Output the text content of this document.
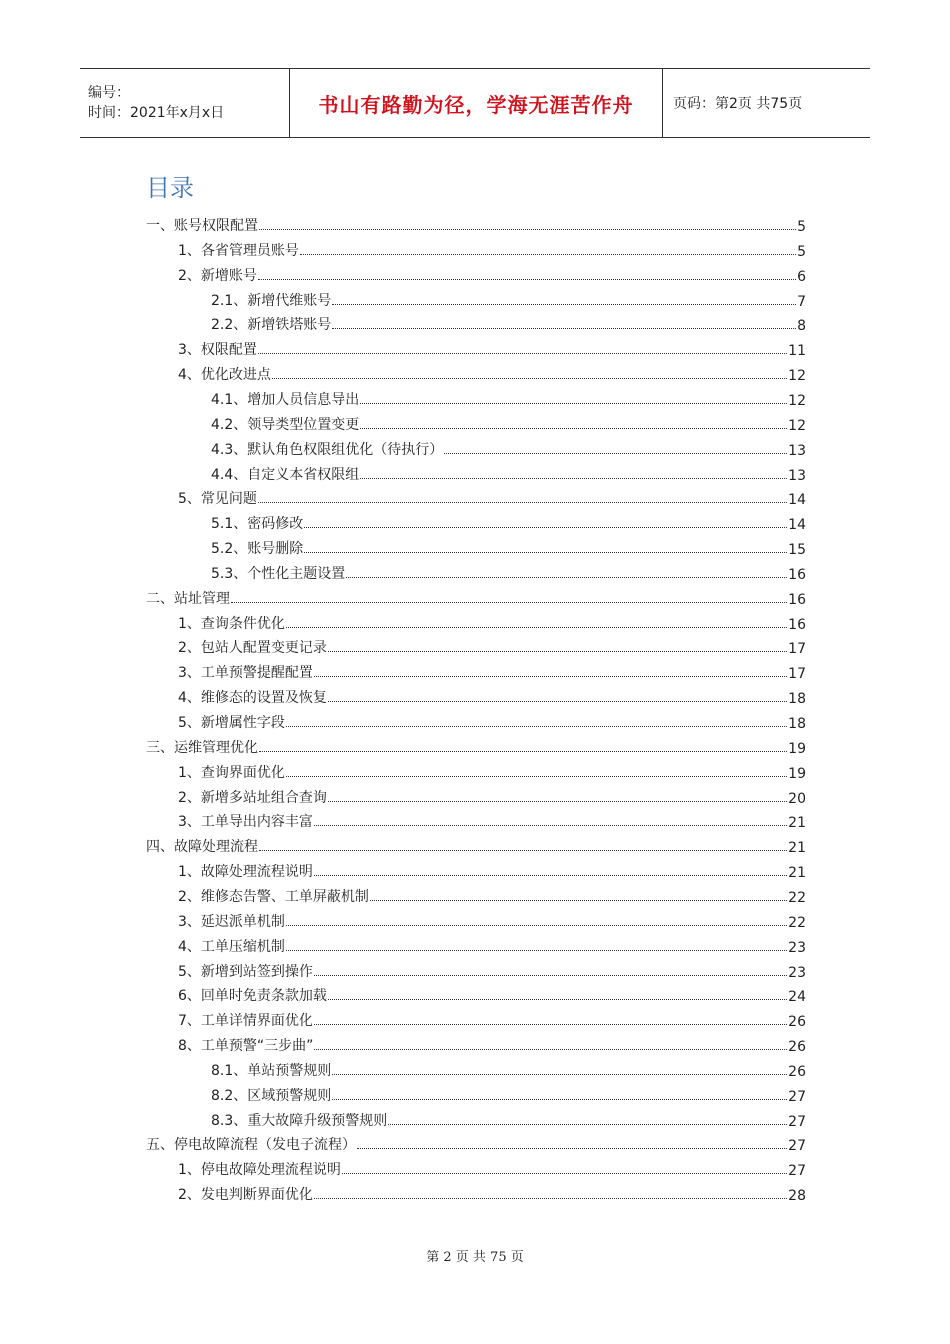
编号：
时间：2021年x月x日	书山有路勤为径，学海无涯苦作舟	页码：第2页 共75页
目录
一、账号权限配置	5
1、各省管理员账号	5
2、新增账号	6
2.1、新增代维账号	7
2.2、新增铁塔账号	8
3、权限配置	11
4、优化改进点	12
4.1、增加人员信息导出	12
4.2、领导类型位置变更	12
4.3、默认角色权限组优化（待执行）	13
4.4、自定义本省权限组	13
5、常见问题	14
5.1、密码修改	14
5.2、账号删除	15
5.3、个性化主题设置	16
二、站址管理	16
1、查询条件优化	16
2、包站人配置变更记录	17
3、工单预警提醒配置	17
4、维修态的设置及恢复	18
5、新增属性字段	18
三、运维管理优化	19
1、查询界面优化	19
2、新增多站址组合查询	20
3、工单导出内容丰富	21
四、故障处理流程	21
1、故障处理流程说明	21
2、维修态告警、工单屏蔽机制	22
3、延迟派单机制	22
4、工单压缩机制	23
5、新增到站签到操作	23
6、回单时免责条款加载	24
7、工单详情界面优化	26
8、工单预警“三步曲”	26
8.1、单站预警规则	26
8.2、区域预警规则	27
8.3、重大故障升级预警规则	27
五、停电故障流程（发电子流程）	27
1、停电故障处理流程说明	27
2、发电判断界面优化	28
第 2 页 共 75 页
